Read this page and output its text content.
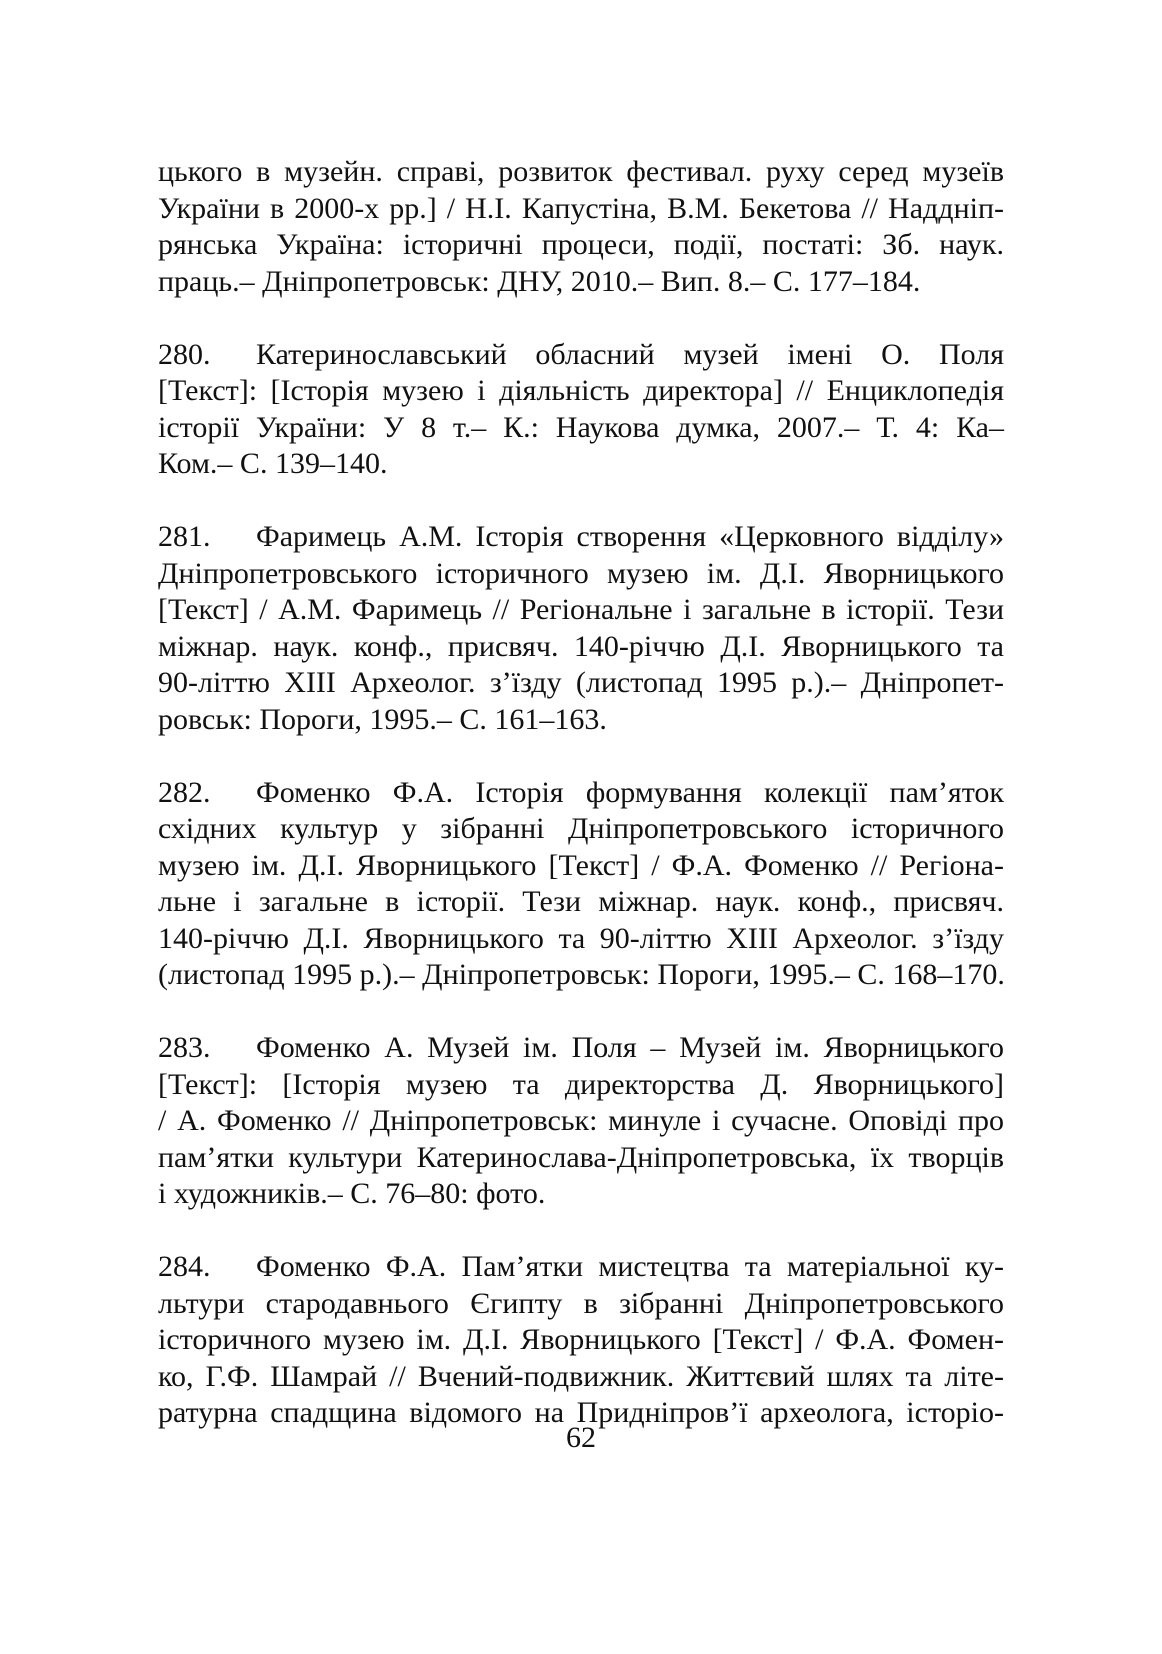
цького в музейн. справі, розвиток фестивал. руху серед музеїв
України в 2000-х рр.] / Н.І. Капустіна, В.М. Бекетова // Наддніп-
рянська Україна: історичні процеси, події, постаті: Зб. наук.
праць.– Дніпропетровськ: ДНУ, 2010.– Вип. 8.– С. 177–184.
280. Катеринославський обласний музей імені О. Поля
[Текст]: [Історія музею і діяльність директора] // Енциклопедія
історії України: У 8 т.– К.: Наукова думка, 2007.– Т. 4: Ка–
Ком.– С. 139–140.
281. Фаримець А.М. Історія створення «Церковного відділу»
Дніпропетровського історичного музею ім. Д.І. Яворницького
[Текст] / А.М. Фаримець // Регіональне і загальне в історії. Тези
міжнар. наук. конф., присвяч. 140-річчю Д.І. Яворницького та
90-літтю ХІІІ Археолог. з’їзду (листопад 1995 р.).– Дніпропет-
ровськ: Пороги, 1995.– С. 161–163.
282. Фоменко Ф.А. Історія формування колекції пам’яток
східних культур у зібранні Дніпропетровського історичного
музею ім. Д.І. Яворницького [Текст] / Ф.А. Фоменко // Регіона-
льне і загальне в історії. Тези міжнар. наук. конф., присвяч.
140-річчю Д.І. Яворницького та 90-літтю ХІІІ Археолог. з’їзду
(листопад 1995 р.).– Дніпропетровськ: Пороги, 1995.– С. 168–170.
283. Фоменко А. Музей ім. Поля – Музей ім. Яворницького
[Текст]: [Історія музею та директорства Д. Яворницького]
/ А. Фоменко // Дніпропетровськ: минуле і сучасне. Оповіді про
пам’ятки культури Катеринослава-Дніпропетровська, їх творців
і художників.– С. 76–80: фото.
284. Фоменко Ф.А. Пам’ятки мистецтва та матеріальної ку-
льтури стародавнього Єгипту в зібранні Дніпропетровського
історичного музею ім. Д.І. Яворницького [Текст] / Ф.А. Фомен-
ко, Г.Ф. Шамрай // Вчений-подвижник. Життєвий шлях та літе-
ратурна спадщина відомого на Придніпров’ї археолога, історіо-
62
